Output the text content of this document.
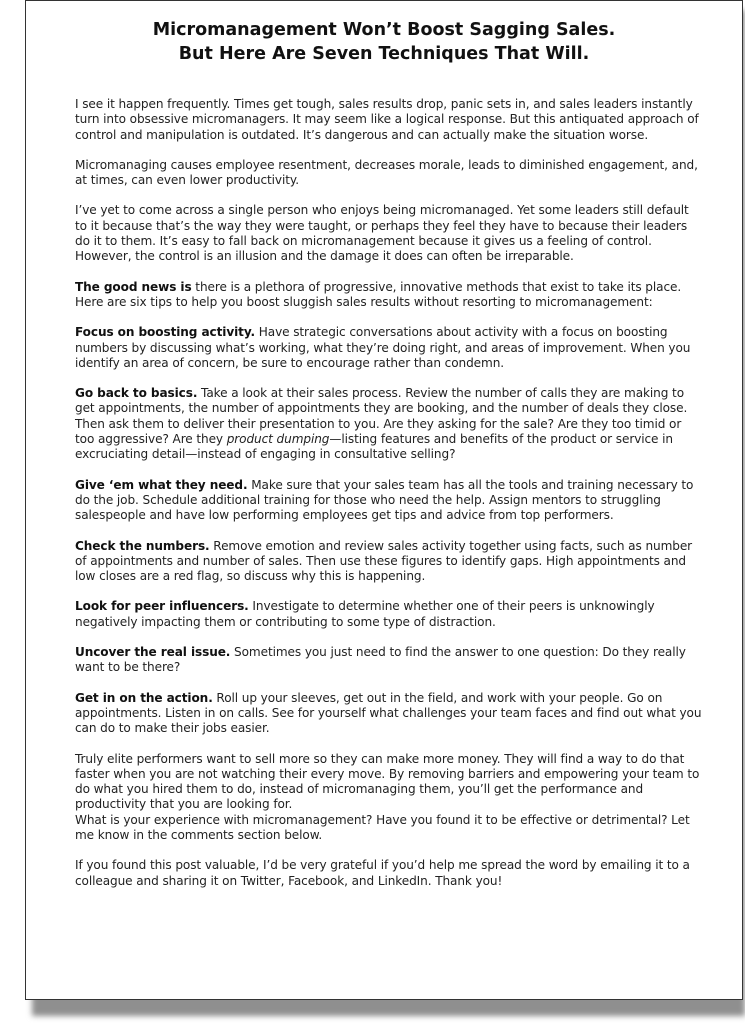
Micromanagement Won’t Boost Sagging Sales.
But Here Are Seven Techniques That Will.

I see it happen frequently. Times get tough, sales results drop, panic sets in, and sales leaders instantly turn into obsessive micromanagers. It may seem like a logical response. But this antiquated approach of control and manipulation is outdated. It’s dangerous and can actually make the situation worse.

Micromanaging causes employee resentment, decreases morale, leads to diminished engagement, and, at times, can even lower productivity.

I’ve yet to come across a single person who enjoys being micromanaged. Yet some leaders still default to it because that’s the way they were taught, or perhaps they feel they have to because their leaders do it to them. It’s easy to fall back on micromanagement because it gives us a feeling of control. However, the control is an illusion and the damage it does can often be irreparable.

The good news is there is a plethora of progressive, innovative methods that exist to take its place. Here are six tips to help you boost sluggish sales results without resorting to micromanagement:

Focus on boosting activity. Have strategic conversations about activity with a focus on boosting numbers by discussing what’s working, what they’re doing right, and areas of improvement. When you identify an area of concern, be sure to encourage rather than condemn.

Go back to basics. Take a look at their sales process. Review the number of calls they are making to get appointments, the number of appointments they are booking, and the number of deals they close. Then ask them to deliver their presentation to you. Are they asking for the sale? Are they too timid or too aggressive? Are they product dumping—listing features and benefits of the product or service in excruciating detail—instead of engaging in consultative selling?

Give ‘em what they need. Make sure that your sales team has all the tools and training necessary to do the job. Schedule additional training for those who need the help. Assign mentors to struggling salespeople and have low performing employees get tips and advice from top performers.

Check the numbers. Remove emotion and review sales activity together using facts, such as number of appointments and number of sales. Then use these figures to identify gaps. High appointments and low closes are a red flag, so discuss why this is happening.

Look for peer influencers. Investigate to determine whether one of their peers is unknowingly negatively impacting them or contributing to some type of distraction.

Uncover the real issue. Sometimes you just need to find the answer to one question: Do they really want to be there?

Get in on the action. Roll up your sleeves, get out in the field, and work with your people. Go on appointments. Listen in on calls. See for yourself what challenges your team faces and find out what you can do to make their jobs easier.

Truly elite performers want to sell more so they can make more money. They will find a way to do that faster when you are not watching their every move. By removing barriers and empowering your team to do what you hired them to do, instead of micromanaging them, you’ll get the performance and productivity that you are looking for.

What is your experience with micromanagement? Have you found it to be effective or detrimental? Let me know in the comments section below.

If you found this post valuable, I’d be very grateful if you’d help me spread the word by emailing it to a colleague and sharing it on Twitter, Facebook, and LinkedIn. Thank you!
